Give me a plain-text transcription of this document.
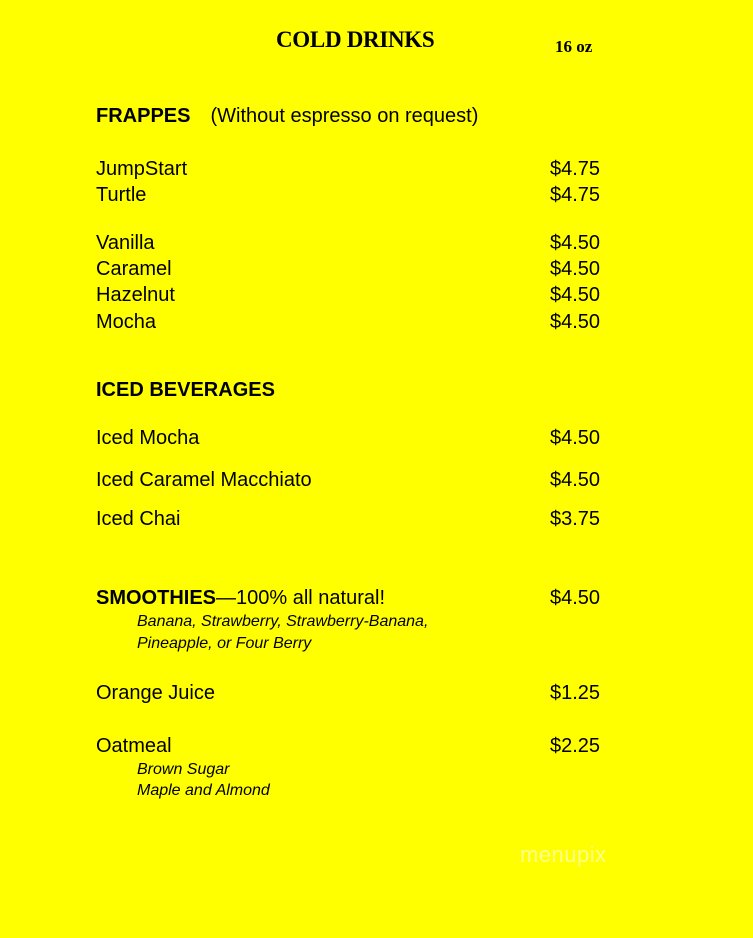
COLD DRINKS	16 oz
FRAPPES (Without espresso on request)
JumpStart	$4.75
Turtle	$4.75
Vanilla	$4.50
Caramel	$4.50
Hazelnut	$4.50
Mocha	$4.50
ICED BEVERAGES
Iced Mocha	$4.50
Iced Caramel Macchiato	$4.50
Iced Chai	$3.75
SMOOTHIES—100% all natural!	$4.50
Banana, Strawberry, Strawberry-Banana,
Pineapple, or Four Berry
Orange Juice	$1.25
Oatmeal	$2.25
Brown Sugar
Maple and Almond
menupix
